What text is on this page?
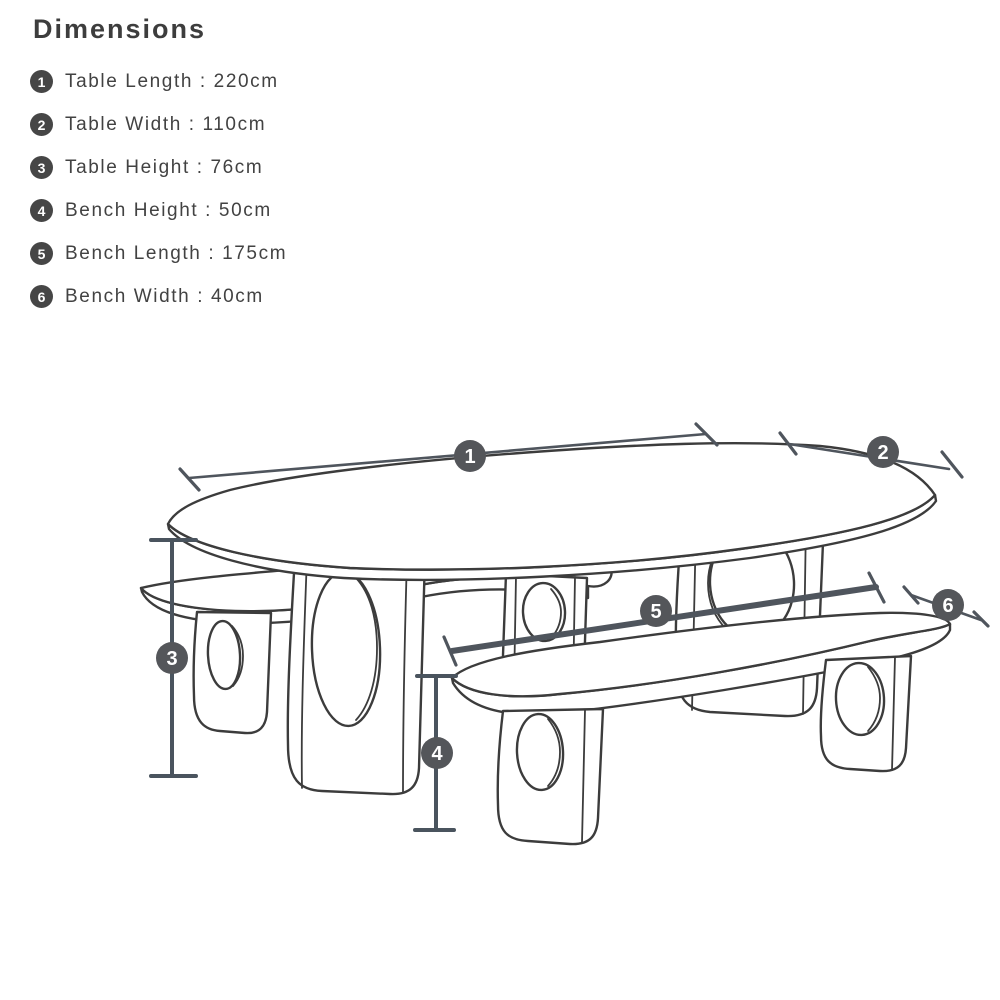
Dimensions
1	Table Length : 220cm
2	Table Width : 110cm
3	Table Height : 76cm
4	Bench Height : 50cm
5	Bench Length : 175cm
6	Bench Width : 40cm
1	2
3
4
5	6
